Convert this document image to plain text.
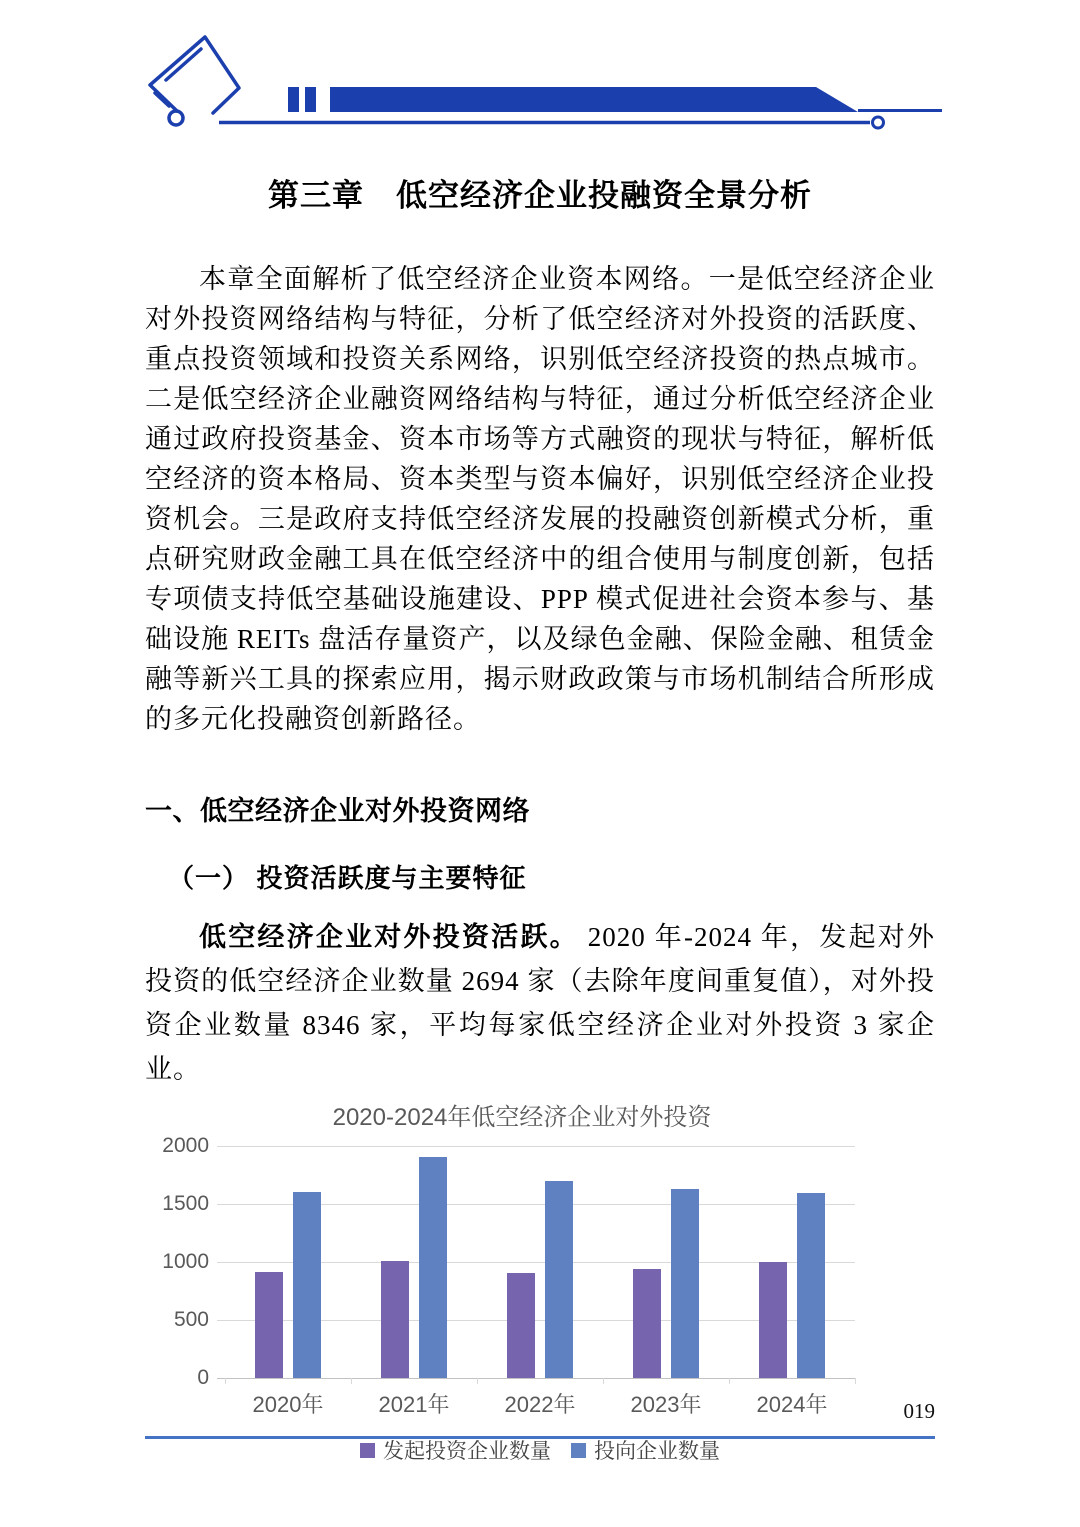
第三章　低空经济企业投融资全景分析

本章全面解析了低空经济企业资本网络。一是低空经济企业对外投资网络结构与特征，分析了低空经济对外投资的活跃度、重点投资领域和投资关系网络，识别低空经济投资的热点城市。二是低空经济企业融资网络结构与特征，通过分析低空经济企业通过政府投资基金、资本市场等方式融资的现状与特征，解析低空经济的资本格局、资本类型与资本偏好，识别低空经济企业投资机会。三是政府支持低空经济发展的投融资创新模式分析，重点研究财政金融工具在低空经济中的组合使用与制度创新，包括专项债支持低空基础设施建设、PPP 模式促进社会资本参与、基础设施 REITs 盘活存量资产，以及绿色金融、保险金融、租赁金融等新兴工具的探索应用，揭示财政政策与市场机制结合所形成的多元化投融资创新路径。

一、低空经济企业对外投资网络
（一） 投资活跃度与主要特征

低空经济企业对外投资活跃。 2020 年-2024 年，发起对外投资的低空经济企业数量 2694 家（去除年度间重复值），对外投资企业数量 8346 家，平均每家低空经济企业对外投资 3 家企业。

2020-2024年低空经济企业对外投资
0
500
1000
1500
2000
2020年	2021年	2022年	2023年	2024年
发起投资企业数量 投向企业数量
019
